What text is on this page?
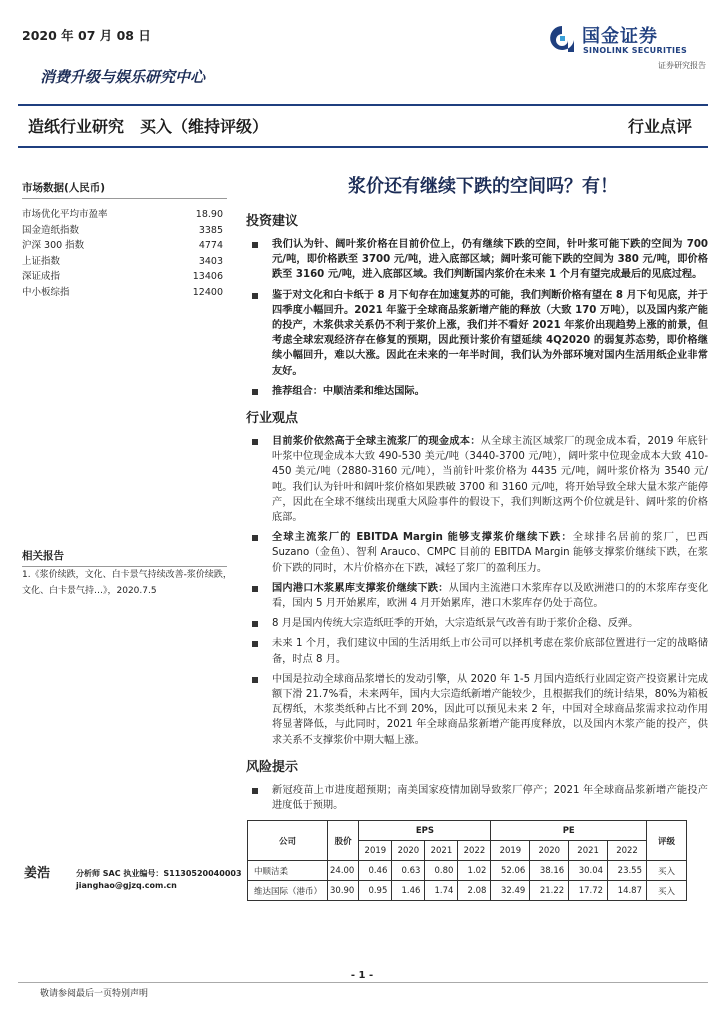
2020 年 07 月 08 日	国金证券
SINOLINK SECURITIES
证券研究报告
消费升级与娱乐研究中心
造纸行业研究　买入（维持评级）	行业点评
市场数据(人民币)
市场优化平均市盈率	18.90
国金造纸指数	3385
沪深 300 指数	4774
上证指数	3403
深证成指	13406
中小板综指	12400
相关报告
1.《浆价续跌，文化、白卡景气持续改善-浆价续跌，文化、白卡景气持…》，2020.7.5
姜浩	分析师 SAC 执业编号：S1130520040003
jianghao@gjzq.com.cn
浆价还有继续下跌的空间吗？有！
投资建议
我们认为针、阔叶浆价格在目前价位上，仍有继续下跌的空间，针叶浆可能下跌的空间为 700 元/吨，即价格跌至 3700 元/吨，进入底部区域；阔叶浆可能下跌的空间为 380 元/吨，即价格跌至 3160 元/吨，进入底部区域。我们判断国内浆价在未来 1 个月有望完成最后的见底过程。
鉴于对文化和白卡纸于 8 月下旬存在加速复苏的可能，我们判断价格有望在 8 月下旬见底，并于四季度小幅回升。2021 年鉴于全球商品浆新增产能的释放（大致 170 万吨），以及国内浆产能的投产，木浆供求关系仍不利于浆价上涨，我们并不看好 2021 年浆价出现趋势上涨的前景，但考虑全球宏观经济存在修复的预期，因此预计浆价有望延续 4Q2020 的弱复苏态势，即价格继续小幅回升，难以大涨。因此在未来的一年半时间，我们认为外部环境对国内生活用纸企业非常友好。
推荐组合：中顺洁柔和维达国际。
行业观点
目前浆价依然高于全球主流浆厂的现金成本：从全球主流区域浆厂的现金成本看，2019 年底针叶浆中位现金成本大致 490-530 美元/吨（3440-3700 元/吨），阔叶浆中位现金成本大致 410-450 美元/吨（2880-3160 元/吨），当前针叶浆价格为 4435 元/吨，阔叶浆价格为 3540 元/吨。我们认为针叶和阔叶浆价格如果跌破 3700 和 3160 元/吨，将开始导致全球大量木浆产能停产，因此在全球不继续出现重大风险事件的假设下，我们判断这两个价位就是针、阔叶浆的价格底部。
全球主流浆厂的 EBITDA Margin 能够支撑浆价继续下跌：全球排名居前的浆厂，巴西 Suzano（金鱼）、智利 Arauco、CMPC 目前的 EBITDA Margin 能够支撑浆价继续下跌，在浆价下跌的同时，木片价格亦在下跌，减轻了浆厂的盈利压力。
国内港口木浆累库支撑浆价继续下跌：从国内主流港口木浆库存以及欧洲港口的的木浆库存变化看，国内 5 月开始累库，欧洲 4 月开始累库，港口木浆库存仍处于高位。
8 月是国内传统大宗造纸旺季的开始，大宗造纸景气改善有助于浆价企稳、反弹。
未来 1 个月，我们建议中国的生活用纸上市公司可以择机考虑在浆价底部位置进行一定的战略储备，时点 8 月。
中国是拉动全球商品浆增长的发动引擎，从 2020 年 1-5 月国内造纸行业固定资产投资累计完成额下滑 21.7%看，未来两年，国内大宗造纸新增产能较少，且根据我们的统计结果，80%为箱板瓦楞纸，木浆类纸种占比不到 20%，因此可以预见未来 2 年，中国对全球商品浆需求拉动作用将显著降低，与此同时，2021 年全球商品浆新增产能再度释放，以及国内木浆产能的投产，供求关系不支撑浆价中期大幅上涨。
风险提示
新冠疫苗上市进度超预期；南美国家疫情加剧导致浆厂停产；2021 年全球商品浆新增产能投产进度低于预期。
公司	股价	EPS				PE				评级
		2019	2020	2021	2022	2019	2020	2021	2022	
中顺洁柔	24.00	0.46	0.63	0.80	1.02	52.06	38.16	30.04	23.55	买入
维达国际（港币）	30.90	0.95	1.46	1.74	2.08	32.49	21.22	17.72	14.87	买入
- 1 -
敬请参阅最后一页特别声明
